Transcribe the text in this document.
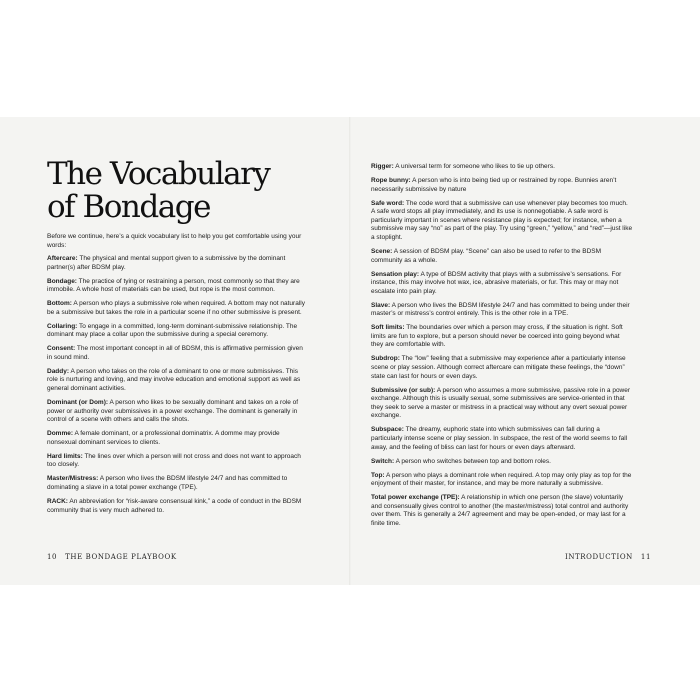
The Vocabulary
of Bondage

Before we continue, here’s a quick vocabulary list to help you get comfortable using your words:

Aftercare: The physical and mental support given to a submissive by the dominant partner(s) after BDSM play.

Bondage: The practice of tying or restraining a person, most commonly so that they are immobile. A whole host of materials can be used, but rope is the most common.

Bottom: A person who plays a submissive role when required. A bottom may not naturally be a submissive but takes the role in a particular scene if no other submissive is present.

Collaring: To engage in a committed, long-term dominant-submissive relationship. The dominant may place a collar upon the submissive during a special ceremony.

Consent: The most important concept in all of BDSM, this is affirmative permission given in sound mind.

Daddy: A person who takes on the role of a dominant to one or more submissives. This role is nurturing and loving, and may involve education and emotional support as well as general dominant activities.

Dominant (or Dom): A person who likes to be sexually dominant and takes on a role of power or authority over submissives in a power exchange. The dominant is generally in control of a scene with others and calls the shots.

Domme: A female dominant, or a professional dominatrix. A domme may provide nonsexual dominant services to clients.

Hard limits: The lines over which a person will not cross and does not want to approach too closely.

Master/Mistress: A person who lives the BDSM lifestyle 24/7 and has committed to dominating a slave in a total power exchange (TPE).

RACK: An abbreviation for “risk-aware consensual kink,” a code of conduct in the BDSM community that is very much adhered to.

10 THE BONDAGE PLAYBOOK

Rigger: A universal term for someone who likes to tie up others.

Rope bunny: A person who is into being tied up or restrained by rope. Bunnies aren’t necessarily submissive by nature

Safe word: The code word that a submissive can use whenever play becomes too much. A safe word stops all play immediately, and its use is nonnegotiable. A safe word is particularly important in scenes where resistance play is expected; for instance, when a submissive may say “no” as part of the play. Try using “green,” “yellow,” and “red”—just like a stoplight.

Scene: A session of BDSM play. “Scene” can also be used to refer to the BDSM community as a whole.

Sensation play: A type of BDSM activity that plays with a submissive’s sensations. For instance, this may involve hot wax, ice, abrasive materials, or fur. This may or may not escalate into pain play.

Slave: A person who lives the BDSM lifestyle 24/7 and has committed to being under their master’s or mistress’s control entirely. This is the other role in a TPE.

Soft limits: The boundaries over which a person may cross, if the situation is right. Soft limits are fun to explore, but a person should never be coerced into going beyond what they are comfortable with.

Subdrop: The “low” feeling that a submissive may experience after a particularly intense scene or play session. Although correct aftercare can mitigate these feelings, the “down” state can last for hours or even days.

Submissive (or sub): A person who assumes a more submissive, passive role in a power exchange. Although this is usually sexual, some submissives are service-oriented in that they seek to serve a master or mistress in a practical way without any overt sexual power exchange.

Subspace: The dreamy, euphoric state into which submissives can fall during a particularly intense scene or play session. In subspace, the rest of the world seems to fall away, and the feeling of bliss can last for hours or even days afterward.

Switch: A person who switches between top and bottom roles.

Top: A person who plays a dominant role when required. A top may only play as top for the enjoyment of their master, for instance, and may be more naturally a submissive.

Total power exchange (TPE): A relationship in which one person (the slave) voluntarily and consensually gives control to another (the master/mistress) total control and authority over them. This is generally a 24/7 agreement and may be open-ended, or may last for a finite time.

INTRODUCTION 11
